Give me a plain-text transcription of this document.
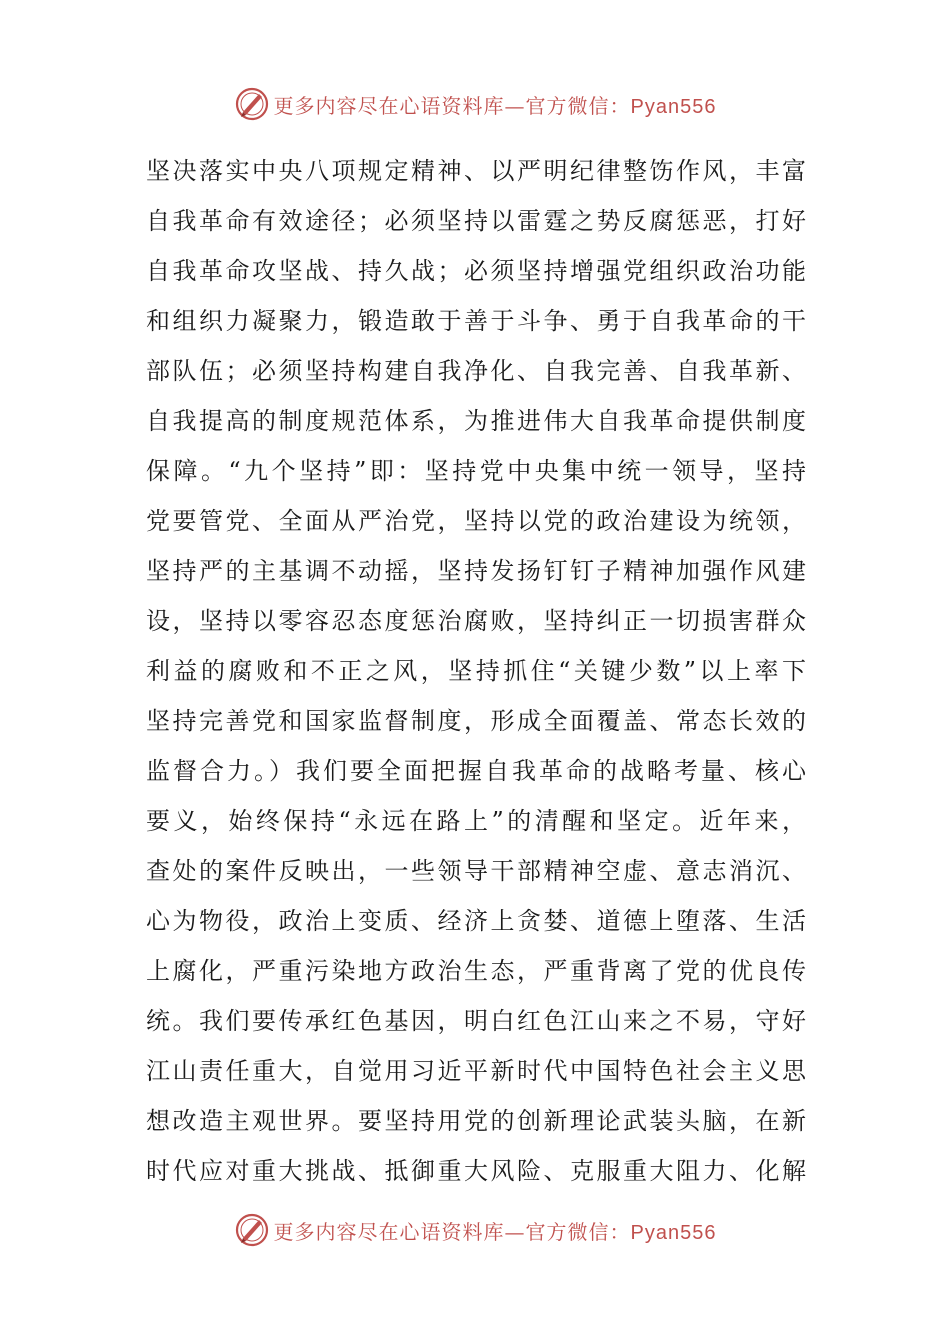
更多内容尽在心语资料库—官方微信：Pyan556
坚决落实中央八项规定精神、以严明纪律整饬作风，丰富
自我革命有效途径；必须坚持以雷霆之势反腐惩恶，打好
自我革命攻坚战、持久战；必须坚持增强党组织政治功能
和组织力凝聚力，锻造敢于善于斗争、勇于自我革命的干
部队伍；必须坚持构建自我净化、自我完善、自我革新、
自我提高的制度规范体系，为推进伟大自我革命提供制度
保障。“九个坚持”即：坚持党中央集中统一领导，坚持
党要管党、全面从严治党，坚持以党的政治建设为统领，
坚持严的主基调不动摇，坚持发扬钉钉子精神加强作风建
设，坚持以零容忍态度惩治腐败，坚持纠正一切损害群众
利益的腐败和不正之风，坚持抓住“关键少数”以上率下
坚持完善党和国家监督制度，形成全面覆盖、常态长效的
监督合力。）我们要全面把握自我革命的战略考量、核心
要义，始终保持“永远在路上”的清醒和坚定。近年来，
查处的案件反映出，一些领导干部精神空虚、意志消沉、
心为物役，政治上变质、经济上贪婪、道德上堕落、生活
上腐化，严重污染地方政治生态，严重背离了党的优良传
统。我们要传承红色基因，明白红色江山来之不易，守好
江山责任重大，自觉用习近平新时代中国特色社会主义思
想改造主观世界。要坚持用党的创新理论武装头脑，在新
时代应对重大挑战、抵御重大风险、克服重大阻力、化解
更多内容尽在心语资料库—官方微信：Pyan556
